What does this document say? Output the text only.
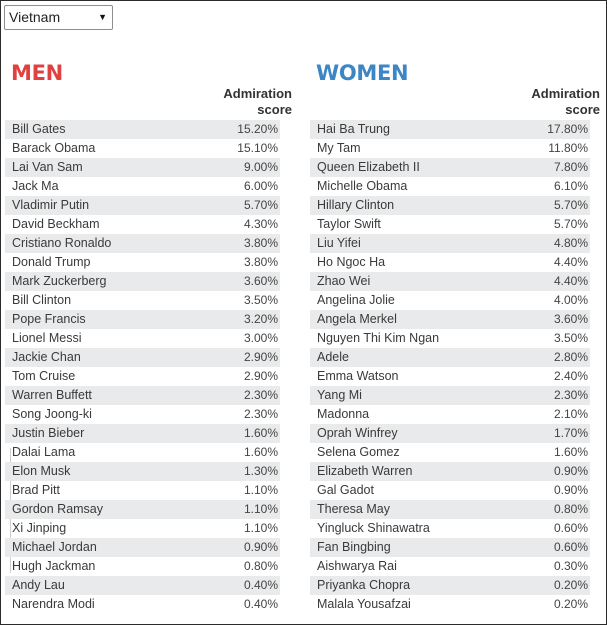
Vietnam	▼
MEN
Admiration
score
Bill Gates	15.20%
Barack Obama	15.10%
Lai Van Sam	9.00%
Jack Ma	6.00%
Vladimir Putin	5.70%
David Beckham	4.30%
Cristiano Ronaldo	3.80%
Donald Trump	3.80%
Mark Zuckerberg	3.60%
Bill Clinton	3.50%
Pope Francis	3.20%
Lionel Messi	3.00%
Jackie Chan	2.90%
Tom Cruise	2.90%
Warren Buffett	2.30%
Song Joong-ki	2.30%
Justin Bieber	1.60%
Dalai Lama	1.60%
Elon Musk	1.30%
Brad Pitt	1.10%
Gordon Ramsay	1.10%
Xi Jinping	1.10%
Michael Jordan	0.90%
Hugh Jackman	0.80%
Andy Lau	0.40%
Narendra Modi	0.40%
WOMEN
Admiration
score
Hai Ba Trung	17.80%
My Tam	11.80%
Queen Elizabeth II	7.80%
Michelle Obama	6.10%
Hillary Clinton	5.70%
Taylor Swift	5.70%
Liu Yifei	4.80%
Ho Ngoc Ha	4.40%
Zhao Wei	4.40%
Angelina Jolie	4.00%
Angela Merkel	3.60%
Nguyen Thi Kim Ngan	3.50%
Adele	2.80%
Emma Watson	2.40%
Yang Mi	2.30%
Madonna	2.10%
Oprah Winfrey	1.70%
Selena Gomez	1.60%
Elizabeth Warren	0.90%
Gal Gadot	0.90%
Theresa May	0.80%
Yingluck Shinawatra	0.60%
Fan Bingbing	0.60%
Aishwarya Rai	0.30%
Priyanka Chopra	0.20%
Malala Yousafzai	0.20%
